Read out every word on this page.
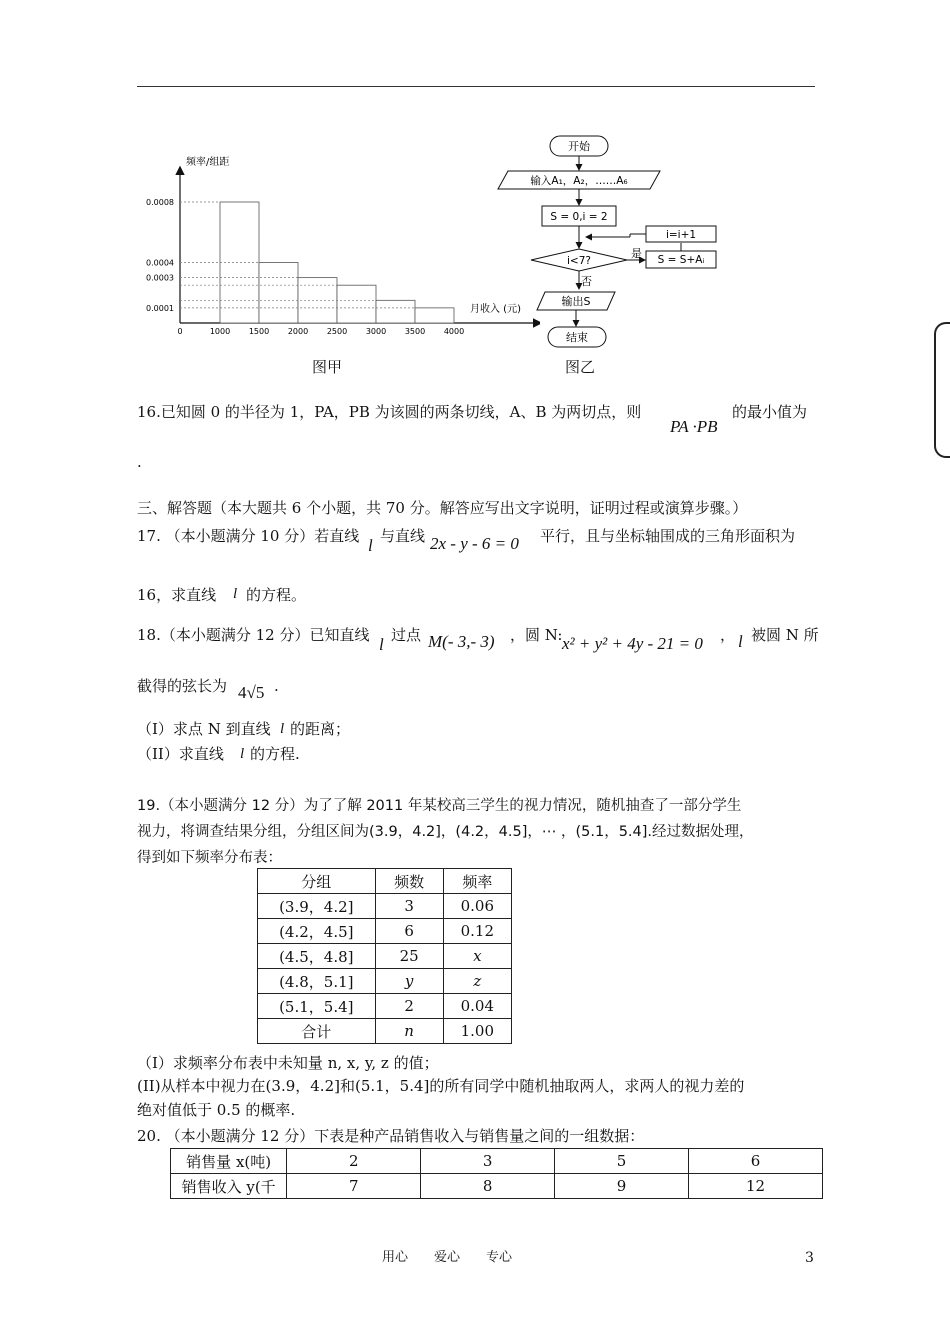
频率/组距
月收入 (元)
0	1000 1500 2000 2500 3000 3500 4000
0.0008
0.0004
0.0003
0.0001
图甲
开始
输入A₁，A₂，……A₆
S = 0,i = 2
i<7?
是 S = S+Aᵢ
i=i+1
否
输出S
结束
图乙
16.已知圆 0 的半径为 1，PA，PB 为该圆的两条切线，A、B 为两切点，则
PA ·PB
的最小值为
.
三、解答题（本大题共 6 个小题，共 70 分。解答应写出文字说明，证明过程或演算步骤。）
17. （本小题满分 10 分）若直线 l 与直线 2x - y - 6 = 0 平行，且与坐标轴围成的三角形面积为
16，求直线 l 的方程。
18.（本小题满分 12 分）已知直线 l 过点 M(- 3,- 3) ，圆 N: x² + y² + 4y - 21 = 0 ， l 被圆 N 所
截得的弦长为 4√5 .
（I）求点 N 到直线 l 的距离；
（II）求直线 l 的方程.
19.（本小题满分 12 分）为了了解 2011 年某校高三学生的视力情况，随机抽查了一部分学生
视力，将调查结果分组，分组区间为(3.9，4.2]，(4.2，4.5]，⋯ ，(5.1，5.4].经过数据处理，
得到如下频率分布表：
分组	频数	频率
(3.9，4.2]	3	0.06
(4.2，4.5]	6	0.12
(4.5，4.8]	25	x
(4.8，5.1]	y	z
(5.1，5.4]	2	0.04
合计	n	1.00
（I）求频率分布表中未知量 n, x, y, z 的值；
(II)从样本中视力在(3.9，4.2]和(5.1，5.4]的所有同学中随机抽取两人，求两人的视力差的
绝对值低于 0.5 的概率.
20. （本小题满分 12 分）下表是种产品销售收入与销售量之间的一组数据：
销售量 x(吨)	2	3	5	6
销售收入 y(千	7	8	9	12
用心　　爱心　　专心	3
